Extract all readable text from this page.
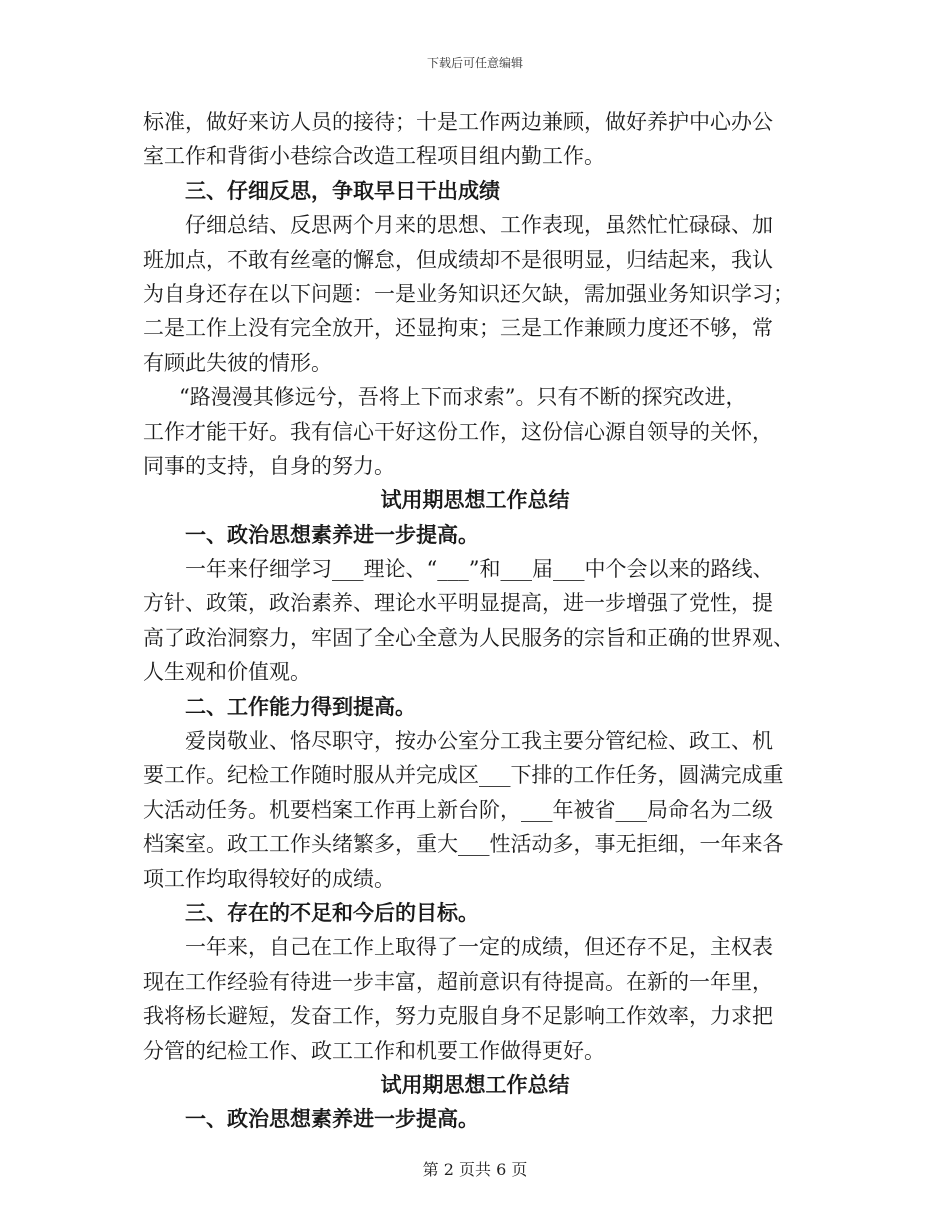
下载后可任意编辑
标准，做好来访人员的接待；十是工作两边兼顾，做好养护中心办公
室工作和背街小巷综合改造工程项目组内勤工作。
三、仔细反思，争取早日干出成绩
仔细总结、反思两个月来的思想、工作表现，虽然忙忙碌碌、加
班加点，不敢有丝毫的懈怠，但成绩却不是很明显，归结起来，我认
为自身还存在以下问题：一是业务知识还欠缺，需加强业务知识学习；
二是工作上没有完全放开，还显拘束；三是工作兼顾力度还不够，常
有顾此失彼的情形。
“路漫漫其修远兮，吾将上下而求索”。只有不断的探究改进，
工作才能干好。我有信心干好这份工作，这份信心源自领导的关怀，
同事的支持，自身的努力。
试用期思想工作总结
一、政治思想素养进一步提高。
一年来仔细学习___理论、“___”和___届___中个会以来的路线、
方针、政策，政治素养、理论水平明显提高，进一步增强了党性，提
高了政治洞察力，牢固了全心全意为人民服务的宗旨和正确的世界观、
人生观和价值观。
二、工作能力得到提高。
爱岗敬业、恪尽职守，按办公室分工我主要分管纪检、政工、机
要工作。纪检工作随时服从并完成区___下排的工作任务，圆满完成重
大活动任务。机要档案工作再上新台阶，___年被省___局命名为二级
档案室。政工工作头绪繁多，重大___性活动多，事无拒细，一年来各
项工作均取得较好的成绩。
三、存在的不足和今后的目标。
一年来，自己在工作上取得了一定的成绩，但还存不足，主权表
现在工作经验有待进一步丰富，超前意识有待提高。在新的一年里，
我将杨长避短，发奋工作，努力克服自身不足影响工作效率，力求把
分管的纪检工作、政工工作和机要工作做得更好。
试用期思想工作总结
一、政治思想素养进一步提高。
第 2 页共 6 页
